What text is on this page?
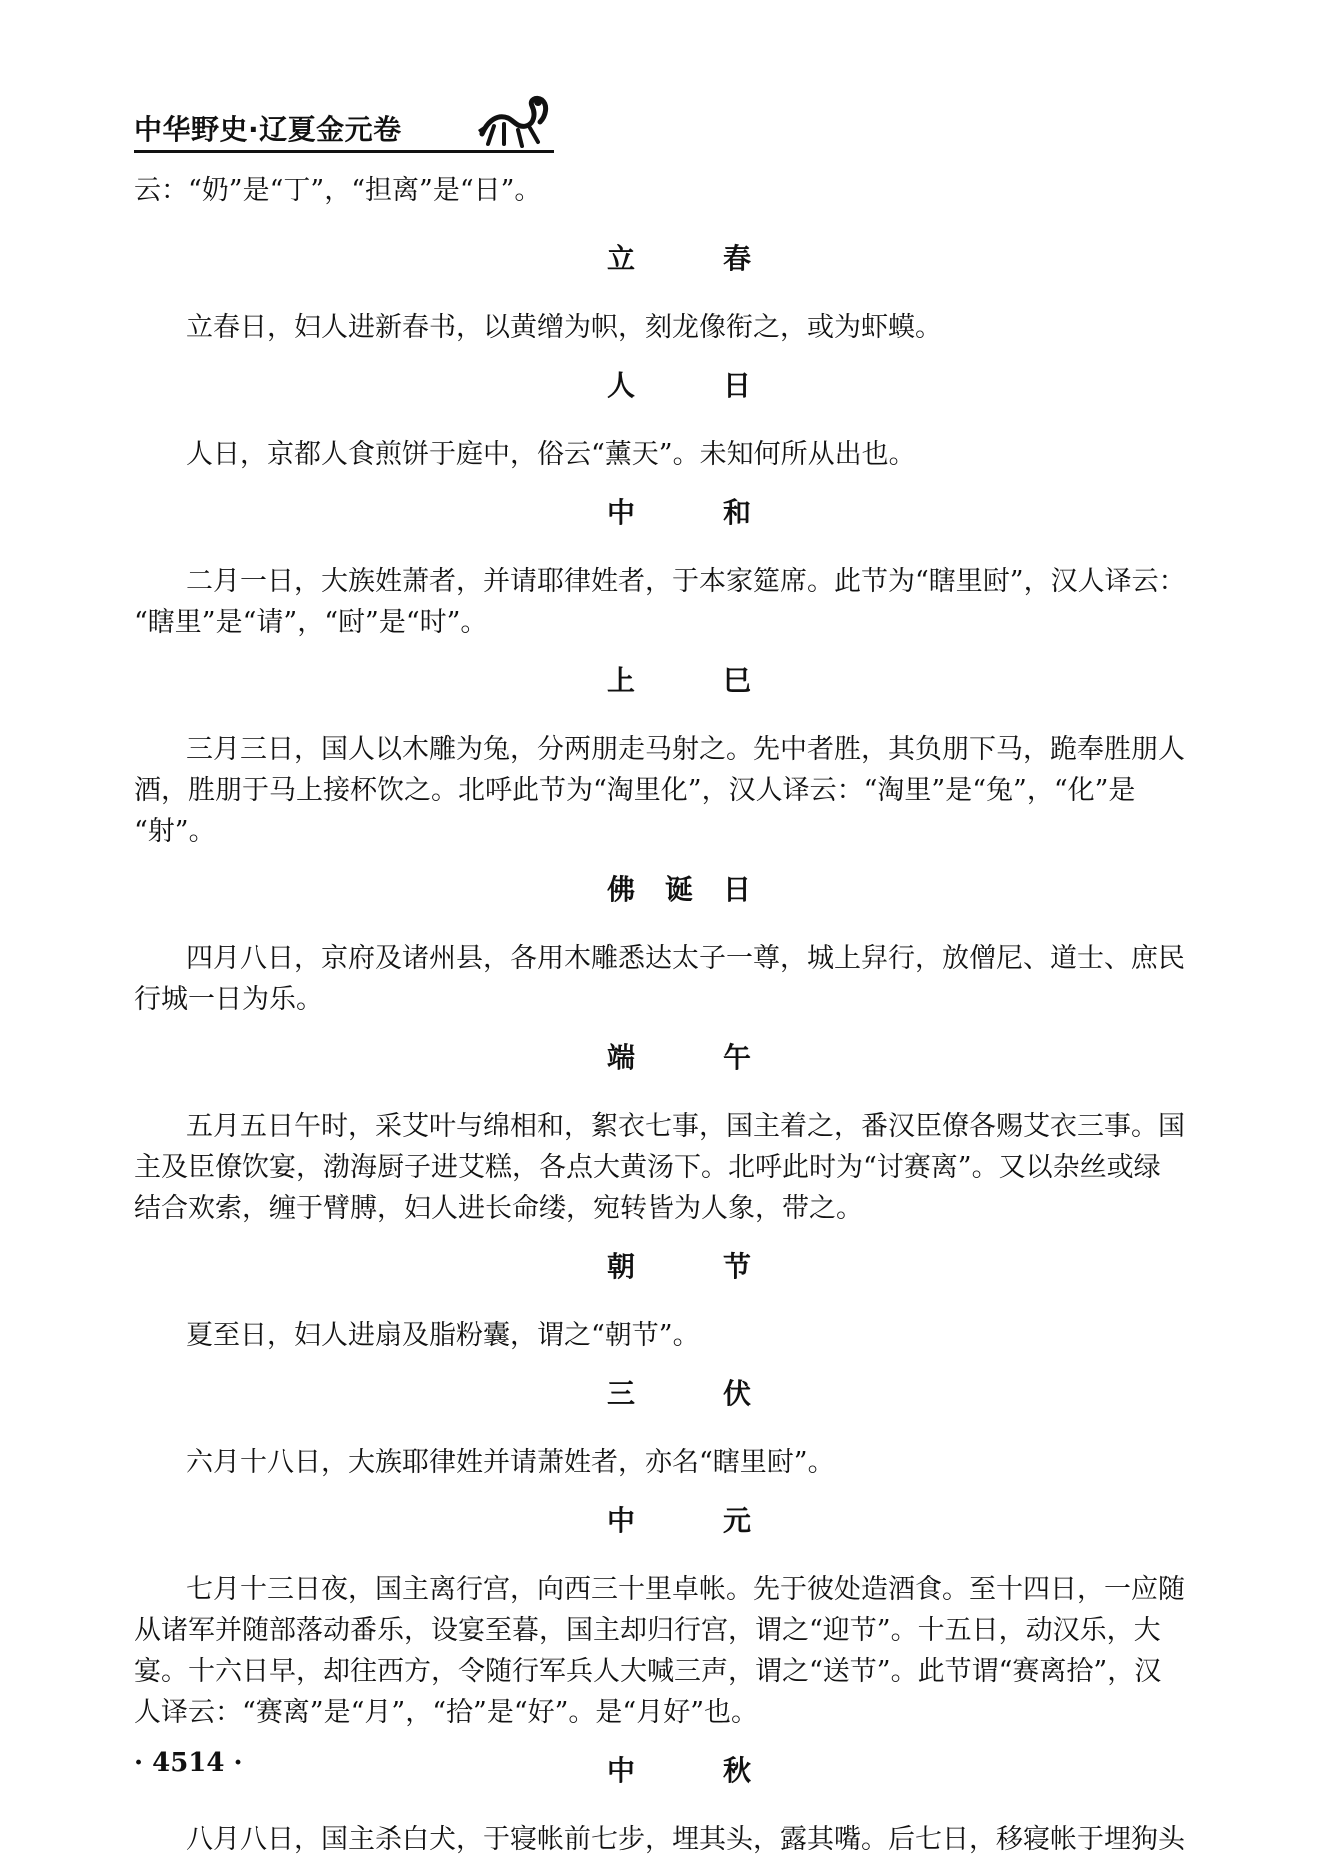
中华野史·辽夏金元卷
云：“奶”是“丁”，“担离”是“日”。
立　春
立春日，妇人进新春书，以黄缯为帜，刻龙像衔之，或为虾蟆。
人　日
人日，京都人食煎饼于庭中，俗云“薰天”。未知何所从出也。
中　和
二月一日，大族姓萧者，并请耶律姓者，于本家筵席。此节为“瞎里尀”，汉人译云：
“瞎里”是“请”，“尀”是“时”。
上　巳
三月三日，国人以木雕为兔，分两朋走马射之。先中者胜，其负朋下马，跪奉胜朋人
酒，胜朋于马上接杯饮之。北呼此节为“淘里化”，汉人译云：“淘里”是“兔”，“化”是
“射”。
佛诞日
四月八日，京府及诸州县，各用木雕悉达太子一尊，城上舁行，放僧尼、道士、庶民
行城一日为乐。
端　午
五月五日午时，采艾叶与绵相和，絮衣七事，国主着之，番汉臣僚各赐艾衣三事。国
主及臣僚饮宴，渤海厨子进艾糕，各点大黄汤下。北呼此时为“讨赛离”。又以杂丝或绿
结合欢索，缠于臂膊，妇人进长命缕，宛转皆为人象，带之。
朝　节
夏至日，妇人进扇及脂粉囊，谓之“朝节”。
三　伏
六月十八日，大族耶律姓并请萧姓者，亦名“瞎里尀”。
中　元
七月十三日夜，国主离行宫，向西三十里卓帐。先于彼处造酒食。至十四日，一应随
从诸军并随部落动番乐，设宴至暮，国主却归行宫，谓之“迎节”。十五日，动汉乐，大
宴。十六日早，却往西方，令随行军兵人大喊三声，谓之“送节”。此节谓“赛离拾”，汉
人译云：“赛离”是“月”，“拾”是“好”。是“月好”也。
中　秋
八月八日，国主杀白犬，于寝帐前七步，埋其头，露其嘴。后七日，移寝帐于埋狗头
· 4514 ·
